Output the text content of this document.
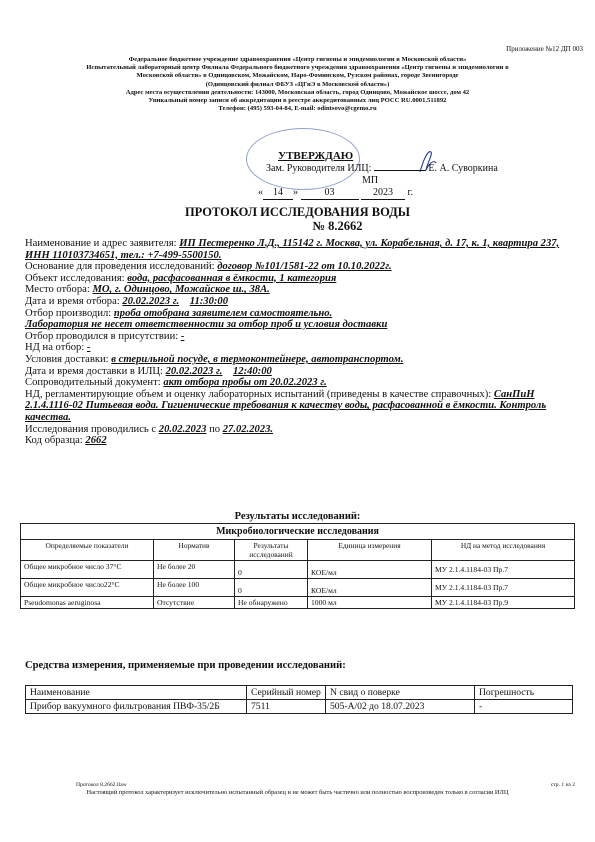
Приложение №12 ДП 003
Федеральное бюджетное учреждение здравоохранения «Центр гигиены и эпидемиологии в Московской области»
Испытательный лабораторный центр Филиала Федерального бюджетного учреждения здравоохранения «Центр гигиены и эпидемиологии в
Московской области» в Одинцовском, Можайском, Наро-Фоминском, Рузском районах, городе Звенигороде
(Одинцовский филиал ФБУЗ «ЦГиЭ в Московской области»)
Адрес места осуществления деятельности: 143000, Московская область, город Одинцово, Можайское шоссе, дом 42
Уникальный номер записи об аккредитации в реестре аккредитованных лиц РОСС RU.0001.511892
Телефон: (495) 593-04-84, E-mail: odintsovo@cgemo.ru
УТВЕРЖДАЮ
Зам. Руководителя ИЛЦ:	Е. А. Суворкина
МП
« 14 » 03	2023 г.
ПРОТОКОЛ ИССЛЕДОВАНИЯ ВОДЫ
№ 8.2662

Наименование и адрес заявителя: ИП Пестеренко Л.Д., 115142 г. Москва, ул. Корабельная, д. 17, к. 1, квартира 237, ИНН 110103734651, тел.: +7-499-5500150.

Основание для проведения исследований: договор №101/1581-22 от 10.10.2022г.

Объект исследования: вода, расфасованная в ёмкости, 1 категория

Место отбора: МО, г. Одинцово, Можайское ш., 38А.

Дата и время отбора: 20.02.2023 г. 11:30:00

Отбор производил: проба отобрана заявителем самостоятельно.

Лаборатория не несет ответственности за отбор проб и условия доставки

Отбор проводился в присутствии: -

НД на отбор: -

Условия доставки: в стерильной посуде, в термоконтейнере, автотранспортом.

Дата и время доставки в ИЛЦ: 20.02.2023 г. 12:40:00

Сопроводительный документ: акт отбора пробы от 20.02.2023 г.

НД, регламентирующие объем и оценку лабораторных испытаний (приведены в качестве справочных): СанПиН 2.1.4.1116-02 Питьевая вода. Гигиенические требования к качеству воды, расфасованной в ёмкости. Контроль качества.

Исследования проводились с 20.02.2023 по 27.02.2023.

Код образца: 2662

Результаты исследований:
Микробиологические исследования				
Определяемые показатели	Норматив	Результаты исследований	Единица измерения	НД на метод исследования
Общее микробное число 37°С	Не более 20	0	КОЕ/мл	МУ 2.1.4.1184-03 Пр.7
Общее микробное число22°С	Не более 100	0	КОЕ/мл	МУ 2.1.4.1184-03 Пр.7
Pseudomonas aeruginosa	Отсутствие	Не обнаружено	1000 мл	МУ 2.1.4.1184-03 Пр.9
Средства измерения, применяемые при проведении исследований:
Наименование	Серийный номер	N свид о поверке	Погрешность
Прибор вакуумного фильтрования ПВФ-35/2Б	7511	505-А/02 до 18.07.2023	-
Протокол 8.2662.Ilaw	стр. 1 из 2
Настоящий протокол характеризует исключительно испытанный образец и не может быть частично или полностью воспроизведен только в согласии ИЛЦ
